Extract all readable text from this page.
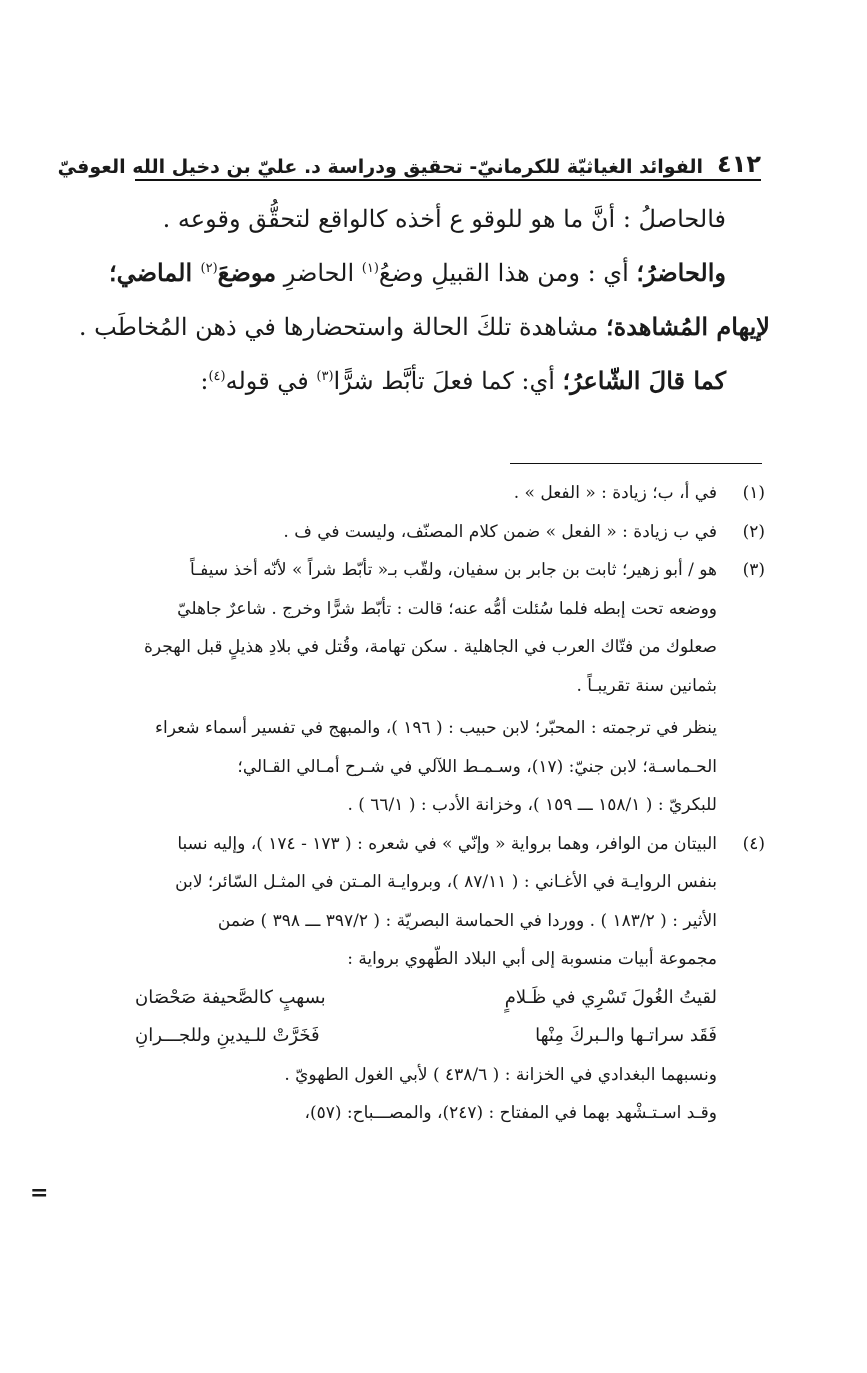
٤١٢
الفوائد الغياثيّة للكرمانيّ- تحقيق ودراسة د. عليّ بن دخيل الله العوفيّ
فالحاصلُ : أنَّ ما هو للوقو ع أخذه كالواقع لتحقُّق وقوعه .
والحاضرُ؛ أي : ومن هذا القبيلِ وضعُ$^{(١)}$ الحاضرِ موضعَ$^{(٢)}$ الماضي؛
لإيهام المُشاهدة؛ مشاهدة تلكَ الحالة واستحضارها في ذهن المُخاطَب .
كما قالَ الشّاعرُ؛ أي: كما فعلَ تأبَّط شرًّا$^{(٣)}$ في قوله$^{(٤)}$:
(١)
في أ، ب؛ زيادة : « الفعل » .
(٢)
في ب زيادة : « الفعل » ضمن كلام المصنّف، وليست في ف .
(٣)
هو / أبو زهير؛ ثابت بن جابر بن سفيان، ولقّب بـ« تأبّط شراً » لأنّه أخذ سيفـاً
ووضعه تحت إبطه فلما سُئلت أمُّه عنه؛ قالت : تأبّط شرًّا وخرج . شاعرٌ جاهليّ
صعلوك من فتّاك العرب في الجاهلية . سكن تهامة، وقُتل في بلادِ هذيلٍ قبل الهجرة
بثمانين سنة تقريبـاً .
ينظر في ترجمته : المحبّر؛ لابن حبيب : ( ١٩٦ )، والمبهج في تفسير أسماء شعراء
الحـماسـة؛ لابن جنيّ: (١٧)، وسـمـط اللآلي في شـرح أمـالي القـالي؛
للبكريّ : ( ١٥٨/١ ـــ ١٥٩ )، وخزانة الأدب : ( ٦٦/١ ) .
(٤)
البيتان من الوافر، وهما برواية « وإنّي » في شعره : ( ١٧٣ - ١٧٤ )، وإليه نسبا
بنفس الروايـة في الأغـاني : ( ٨٧/١١ )، وبروايـة المـتن في المثـل السّائر؛ لابن
الأثير : ( ١٨٣/٢ ) . ووردا في الحماسة البصريّة : ( ٣٩٧/٢ ـــ ٣٩٨ ) ضمن
مجموعة أبيات منسوبة إلى أبي البلاد الطّهوي برواية :
لقيتُ الغُولَ تَسْرِي في ظَـلامٍ
بسهبٍ كالصَّحيفة صَحْصَان
فَقَد سراتـها والـبركَ مِنْها
فَخَرَّتْ للـيدينِ وللجـــرانِ
ونسبهما البغدادي في الخزانة : ( ٤٣٨/٦ ) لأبي الغول الطهويّ .
وقـد اسـتـشْهد بهما في المفتاح : (٢٤٧)، والمصـــباح: (٥٧)،
=
